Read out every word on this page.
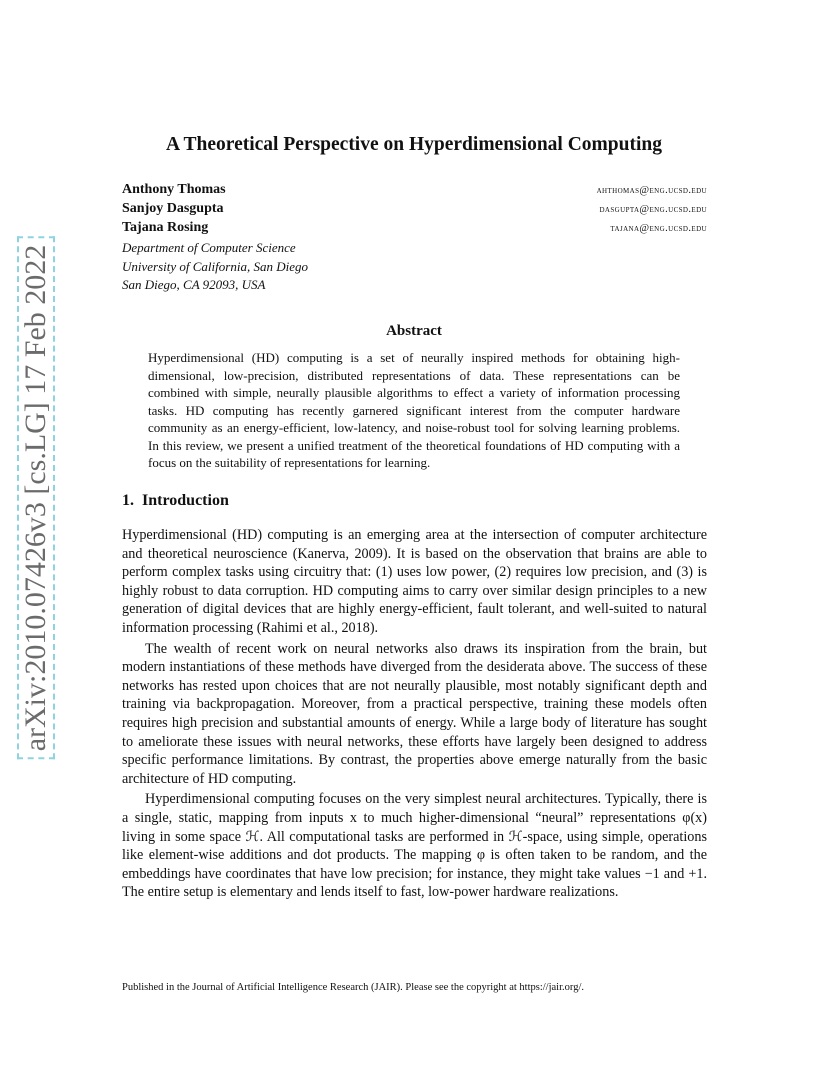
arXiv:2010.07426v3 [cs.LG] 17 Feb 2022
A Theoretical Perspective on Hyperdimensional Computing
Anthony Thomas	ahthomas@eng.ucsd.edu
Sanjoy Dasgupta	dasgupta@eng.ucsd.edu
Tajana Rosing	tajana@eng.ucsd.edu
Department of Computer Science
University of California, San Diego
San Diego, CA 92093, USA
Abstract
Hyperdimensional (HD) computing is a set of neurally inspired methods for obtaining high-dimensional, low-precision, distributed representations of data. These representations can be combined with simple, neurally plausible algorithms to effect a variety of information processing tasks. HD computing has recently garnered significant interest from the computer hardware community as an energy-efficient, low-latency, and noise-robust tool for solving learning problems. In this review, we present a unified treatment of the theoretical foundations of HD computing with a focus on the suitability of representations for learning.
1. Introduction

Hyperdimensional (HD) computing is an emerging area at the intersection of computer architecture and theoretical neuroscience (Kanerva, 2009). It is based on the observation that brains are able to perform complex tasks using circuitry that: (1) uses low power, (2) requires low precision, and (3) is highly robust to data corruption. HD computing aims to carry over similar design principles to a new generation of digital devices that are highly energy-efficient, fault tolerant, and well-suited to natural information processing (Rahimi et al., 2018).

The wealth of recent work on neural networks also draws its inspiration from the brain, but modern instantiations of these methods have diverged from the desiderata above. The success of these networks has rested upon choices that are not neurally plausible, most notably significant depth and training via backpropagation. Moreover, from a practical perspective, training these models often requires high precision and substantial amounts of energy. While a large body of literature has sought to ameliorate these issues with neural networks, these efforts have largely been designed to address specific performance limitations. By contrast, the properties above emerge naturally from the basic architecture of HD computing.

Hyperdimensional computing focuses on the very simplest neural architectures. Typically, there is a single, static, mapping from inputs x to much higher-dimensional “neural” representations φ(x) living in some space ℋ. All computational tasks are performed in ℋ-space, using simple, operations like element-wise additions and dot products. The mapping φ is often taken to be random, and the embeddings have coordinates that have low precision; for instance, they might take values −1 and +1. The entire setup is elementary and lends itself to fast, low-power hardware realizations.

Published in the Journal of Artificial Intelligence Research (JAIR). Please see the copyright at https://jair.org/.
